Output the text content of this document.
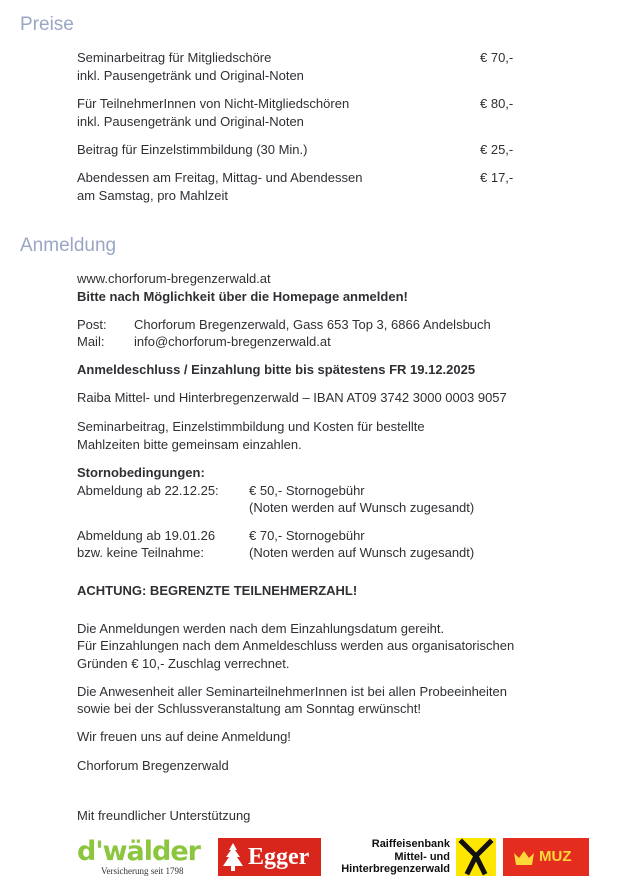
Preise
Seminarbeitrag für Mitgliedschöre
inkl. Pausengetränk und Original-Noten
€ 70,-
Für TeilnehmerInnen von Nicht-Mitgliedschören
inkl. Pausengetränk und Original-Noten
€ 80,-
Beitrag für Einzelstimmbildung (30 Min.)	€ 25,-
Abendessen am Freitag, Mittag- und Abendessen
am Samstag, pro Mahlzeit
€ 17,-
Anmeldung
www.chorforum-bregenzerwald.at
Bitte nach Möglichkeit über die Homepage anmelden!
Post: Chorforum Bregenzerwald, Gass 653 Top 3, 6866 Andelsbuch
Mail: info@chorforum-bregenzerwald.at
Anmeldeschluss / Einzahlung bitte bis spätestens FR 19.12.2025
Raiba Mittel- und Hinterbregenzerwald – IBAN AT09 3742 3000 0003 9057
Seminarbeitrag, Einzelstimmbildung und Kosten für bestellte
Mahlzeiten bitte gemeinsam einzahlen.
Stornobedingungen:
Abmeldung ab 22.12.25: € 50,- Stornogebühr
(Noten werden auf Wunsch zugesandt)
Abmeldung ab 19.01.26
bzw. keine Teilnahme:
€ 70,- Stornogebühr
(Noten werden auf Wunsch zugesandt)
ACHTUNG: BEGRENZTE TEILNEHMERZAHL!
Die Anmeldungen werden nach dem Einzahlungsdatum gereiht.
Für Einzahlungen nach dem Anmeldeschluss werden aus organisatorischen
Gründen € 10,- Zuschlag verrechnet.
Die Anwesenheit aller SeminarteilnehmerInnen ist bei allen Probeeinheiten
sowie bei der Schlussveranstaltung am Sonntag erwünscht!
Wir freuen uns auf deine Anmeldung!
Chorforum Bregenzerwald
Mit freundlicher Unterstützung
d'wälder
Versicherung seit 1798
Egger	Raiffeisenbank
Mittel- und
Hinterbregenzerwald
MUZ
